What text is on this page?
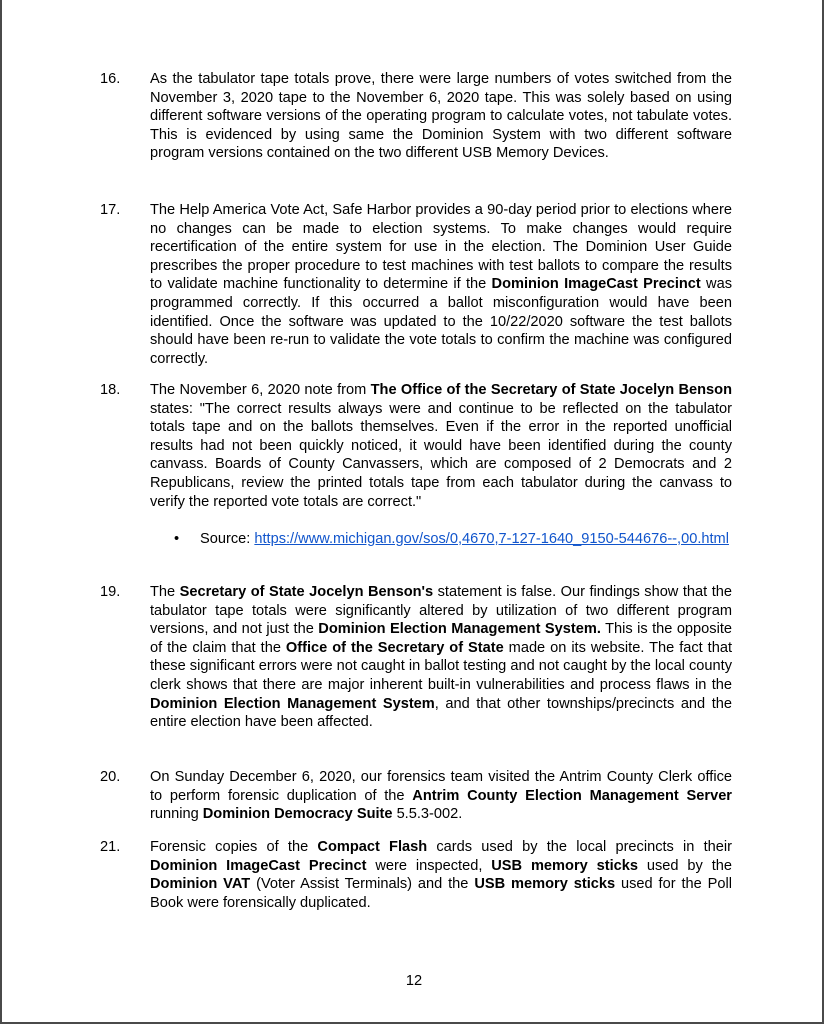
16.	As the tabulator tape totals prove, there were large numbers of votes switched from the November 3, 2020 tape to the November 6, 2020 tape. This was solely based on using different software versions of the operating program to calculate votes, not tabulate votes. This is evidenced by using same the Dominion System with two different software program versions contained on the two different USB Memory Devices.
17.	The Help America Vote Act, Safe Harbor provides a 90-day period prior to elections where no changes can be made to election systems. To make changes would require recertification of the entire system for use in the election. The Dominion User Guide prescribes the proper procedure to test machines with test ballots to compare the results to validate machine functionality to determine if the Dominion ImageCast Precinct was programmed correctly. If this occurred a ballot misconfiguration would have been identified. Once the software was updated to the 10/22/2020 software the test ballots should have been re-run to validate the vote totals to confirm the machine was configured correctly.
18.	The November 6, 2020 note from The Office of the Secretary of State Jocelyn Benson states: "The correct results always were and continue to be reflected on the tabulator totals tape and on the ballots themselves. Even if the error in the reported unofficial results had not been quickly noticed, it would have been identified during the county canvass. Boards of County Canvassers, which are composed of 2 Democrats and 2 Republicans, review the printed totals tape from each tabulator during the canvass to verify the reported vote totals are correct."
•	Source: https://www.michigan.gov/sos/0,4670,7-127-1640_9150-544676--,00.html
19.	The Secretary of State Jocelyn Benson's statement is false. Our findings show that the tabulator tape totals were significantly altered by utilization of two different program versions, and not just the Dominion Election Management System. This is the opposite of the claim that the Office of the Secretary of State made on its website. The fact that these significant errors were not caught in ballot testing and not caught by the local county clerk shows that there are major inherent built-in vulnerabilities and process flaws in the Dominion Election Management System, and that other townships/precincts and the entire election have been affected.
20.	On Sunday December 6, 2020, our forensics team visited the Antrim County Clerk office to perform forensic duplication of the Antrim County Election Management Server running Dominion Democracy Suite 5.5.3-002.
21.	Forensic copies of the Compact Flash cards used by the local precincts in their Dominion ImageCast Precinct were inspected, USB memory sticks used by the Dominion VAT (Voter Assist Terminals) and the USB memory sticks used for the Poll Book were forensically duplicated.
12
